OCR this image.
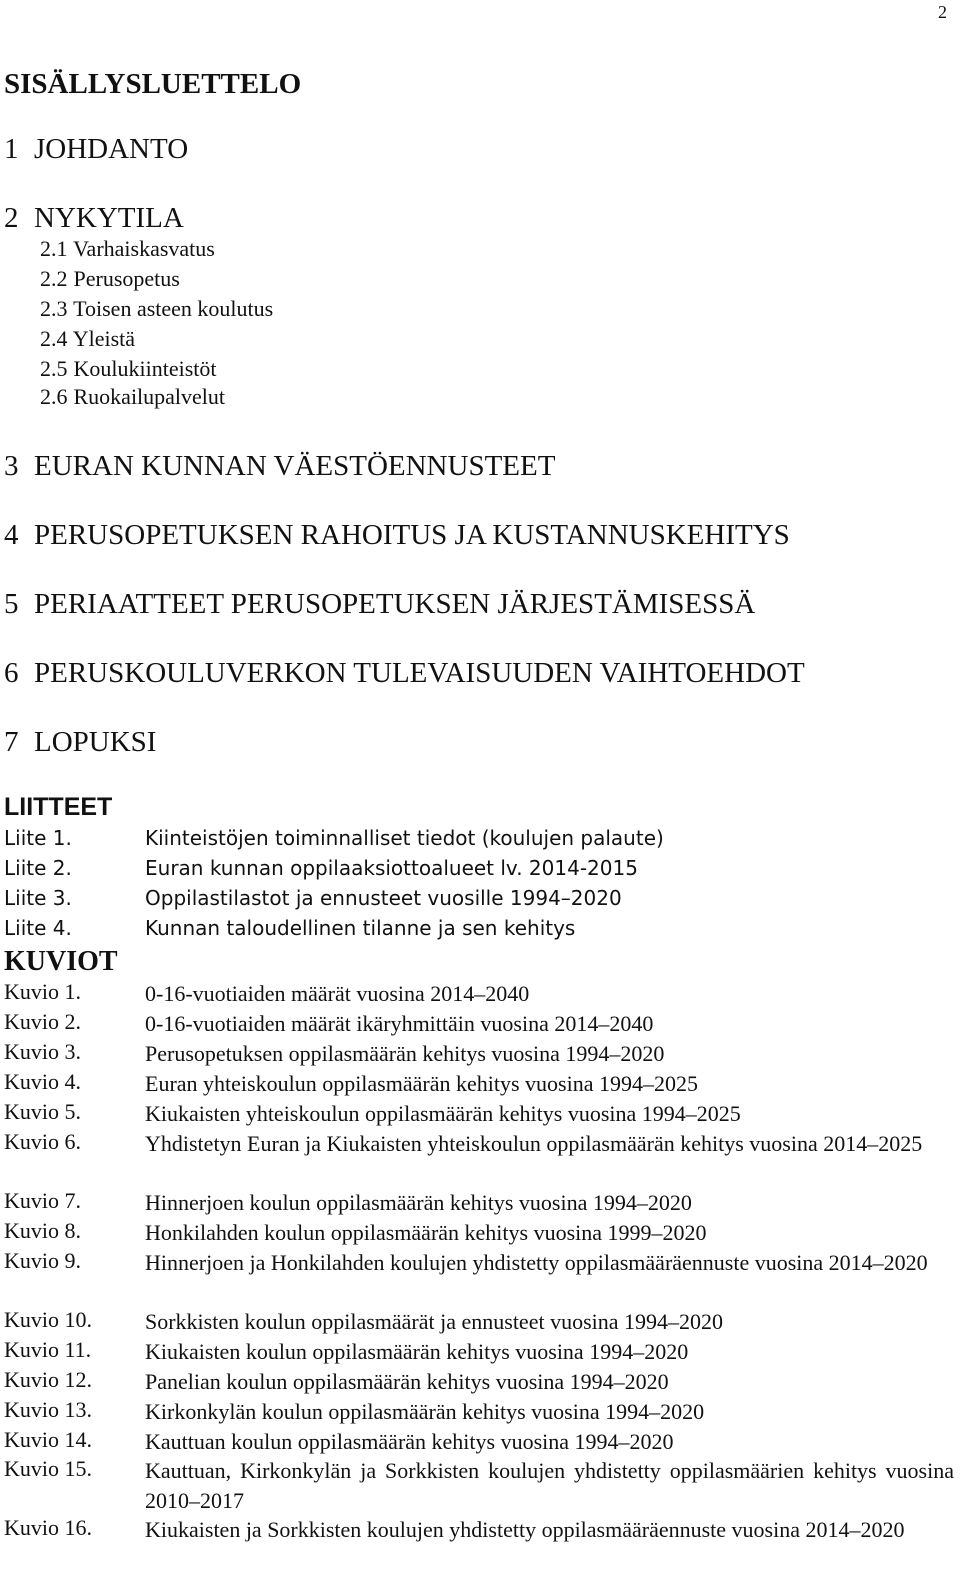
2
SISÄLLYSLUETTELO
1 JOHDANTO
2 NYKYTILA
2.1 Varhaiskasvatus
2.2 Perusopetus
2.3 Toisen asteen koulutus
2.4 Yleistä
2.5 Koulukiinteistöt
2.6 Ruokailupalvelut
3 EURAN KUNNAN VÄESTÖENNUSTEET
4 PERUSOPETUKSEN RAHOITUS JA KUSTANNUSKEHITYS
5 PERIAATTEET PERUSOPETUKSEN JÄRJESTÄMISESSÄ
6 PERUSKOULUVERKON TULEVAISUUDEN VAIHTOEHDOT
7 LOPUKSI
LIITTEET
Liite 1.	Kiinteistöjen toiminnalliset tiedot (koulujen palaute)
Liite 2.	Euran kunnan oppilaaksiottoalueet lv. 2014-2015
Liite 3.	Oppilastilastot ja ennusteet vuosille 1994–2020
Liite 4.	Kunnan taloudellinen tilanne ja sen kehitys
KUVIOT
Kuvio 1.	0-16-vuotiaiden määrät vuosina 2014–2040
Kuvio 2.	0-16-vuotiaiden määrät ikäryhmittäin vuosina 2014–2040
Kuvio 3.	Perusopetuksen oppilasmäärän kehitys vuosina 1994–2020
Kuvio 4.	Euran yhteiskoulun oppilasmäärän kehitys vuosina 1994–2025
Kuvio 5.	Kiukaisten yhteiskoulun oppilasmäärän kehitys vuosina 1994–2025
Kuvio 6.	Yhdistetyn Euran ja Kiukaisten yhteiskoulun oppilasmäärän kehitys vuosina 2014–2025
Kuvio 7.	Hinnerjoen koulun oppilasmäärän kehitys vuosina 1994–2020
Kuvio 8.	Honkilahden koulun oppilasmäärän kehitys vuosina 1999–2020
Kuvio 9.	Hinnerjoen ja Honkilahden koulujen yhdistetty oppilasmääräennuste vuosina 2014–2020
Kuvio 10. Sorkkisten koulun oppilasmäärät ja ennusteet vuosina 1994–2020
Kuvio 11. Kiukaisten koulun oppilasmäärän kehitys vuosina 1994–2020
Kuvio 12. Panelian koulun oppilasmäärän kehitys vuosina 1994–2020
Kuvio 13. Kirkonkylän koulun oppilasmäärän kehitys vuosina 1994–2020
Kuvio 14. Kauttuan koulun oppilasmäärän kehitys vuosina 1994–2020
Kuvio 15. Kauttuan, Kirkonkylän ja Sorkkisten koulujen yhdistetty oppilasmäärien kehitys vuosina 2010–2017
Kuvio 16. Kiukaisten ja Sorkkisten koulujen yhdistetty oppilasmääräennuste vuosina 2014–2020
